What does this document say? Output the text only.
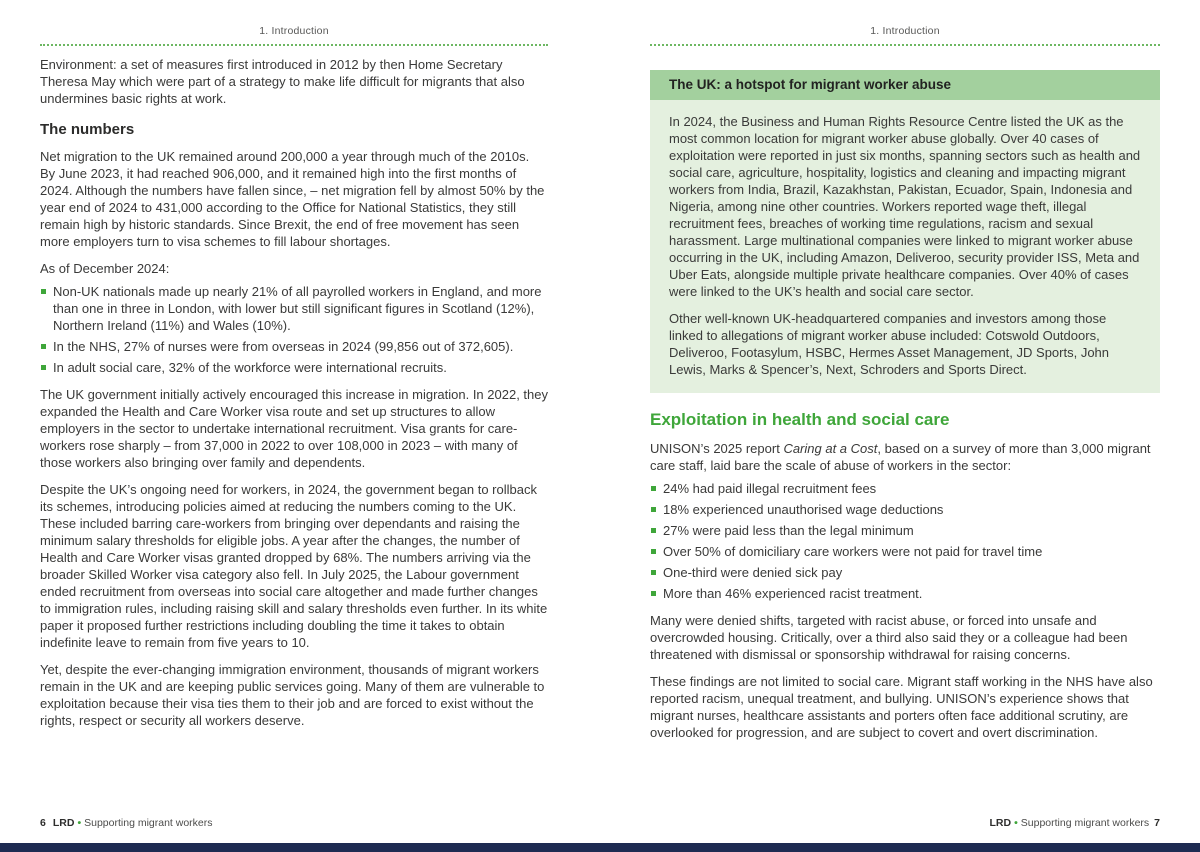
1. Introduction

Environment: a set of measures first introduced in 2012 by then Home Secretary Theresa May which were part of a strategy to make life difficult for migrants that also undermines basic rights at work.

The numbers

Net migration to the UK remained around 200,000 a year through much of the 2010s. By June 2023, it had reached 906,000, and it remained high into the first months of 2024. Although the numbers have fallen since, – net migration fell by almost 50% by the year end of 2024 to 431,000 according to the Office for National Statistics, they still remain high by historic standards. Since Brexit, the end of free movement has seen more employers turn to visa schemes to fill labour shortages.

As of December 2024:

Non-UK nationals made up nearly 21% of all payrolled workers in England, and more than one in three in London, with lower but still significant figures in Scotland (12%), Northern Ireland (11%) and Wales (10%).
In the NHS, 27% of nurses were from overseas in 2024 (99,856 out of 372,605).
In adult social care, 32% of the workforce were international recruits.

The UK government initially actively encouraged this increase in migration. In 2022, they expanded the Health and Care Worker visa route and set up structures to allow employers in the sector to undertake international recruitment. Visa grants for care-workers rose sharply – from 37,000 in 2022 to over 108,000 in 2023 – with many of those workers also bringing over family and dependents.

Despite the UK’s ongoing need for workers, in 2024, the government began to rollback its schemes, introducing policies aimed at reducing the numbers coming to the UK. These included barring care-workers from bringing over dependants and raising the minimum salary thresholds for eligible jobs. A year after the changes, the number of Health and Care Worker visas granted dropped by 68%. The numbers arriving via the broader Skilled Worker visa category also fell. In July 2025, the Labour government ended recruitment from overseas into social care altogether and made further changes to immigration rules, including raising skill and salary thresholds even further. In its white paper it proposed further restrictions including doubling the time it takes to obtain indefinite leave to remain from five years to 10.

Yet, despite the ever-changing immigration environment, thousands of migrant workers remain in the UK and are keeping public services going. Many of them are vulnerable to exploitation because their visa ties them to their job and are forced to exist without the rights, respect or security all workers deserve.

1. Introduction
The UK: a hotspot for migrant worker abuse

In 2024, the Business and Human Rights Resource Centre listed the UK as the most common location for migrant worker abuse globally. Over 40 cases of exploitation were reported in just six months, spanning sectors such as health and social care, agriculture, hospitality, logistics and cleaning and impacting migrant workers from India, Brazil, Kazakhstan, Pakistan, Ecuador, Spain, Indonesia and Nigeria, among nine other countries. Workers reported wage theft, illegal recruitment fees, breaches of working time regulations, racism and sexual harassment. Large multinational companies were linked to migrant worker abuse occurring in the UK, including Amazon, Deliveroo, security provider ISS, Meta and Uber Eats, alongside multiple private healthcare companies. Over 40% of cases were linked to the UK’s health and social care sector.

Other well-known UK-headquartered companies and investors among those linked to allegations of migrant worker abuse included: Cotswold Outdoors, Deliveroo, Footasylum, HSBC, Hermes Asset Management, JD Sports, John Lewis, Marks & Spencer’s, Next, Schroders and Sports Direct.

Exploitation in health and social care

UNISON’s 2025 report Caring at a Cost, based on a survey of more than 3,000 migrant care staff, laid bare the scale of abuse of workers in the sector:

24% had paid illegal recruitment fees
18% experienced unauthorised wage deductions
27% were paid less than the legal minimum
Over 50% of domiciliary care workers were not paid for travel time
One-third were denied sick pay
More than 46% experienced racist treatment.

Many were denied shifts, targeted with racist abuse, or forced into unsafe and overcrowded housing. Critically, over a third also said they or a colleague had been threatened with dismissal or sponsorship withdrawal for raising concerns.

These findings are not limited to social care. Migrant staff working in the NHS have also reported racism, unequal treatment, and bullying. UNISON’s experience shows that migrant nurses, healthcare assistants and porters often face additional scrutiny, are overlooked for progression, and are subject to covert and overt discrimination.

6 LRD • Supporting migrant workers	LRD • Supporting migrant workers 7
